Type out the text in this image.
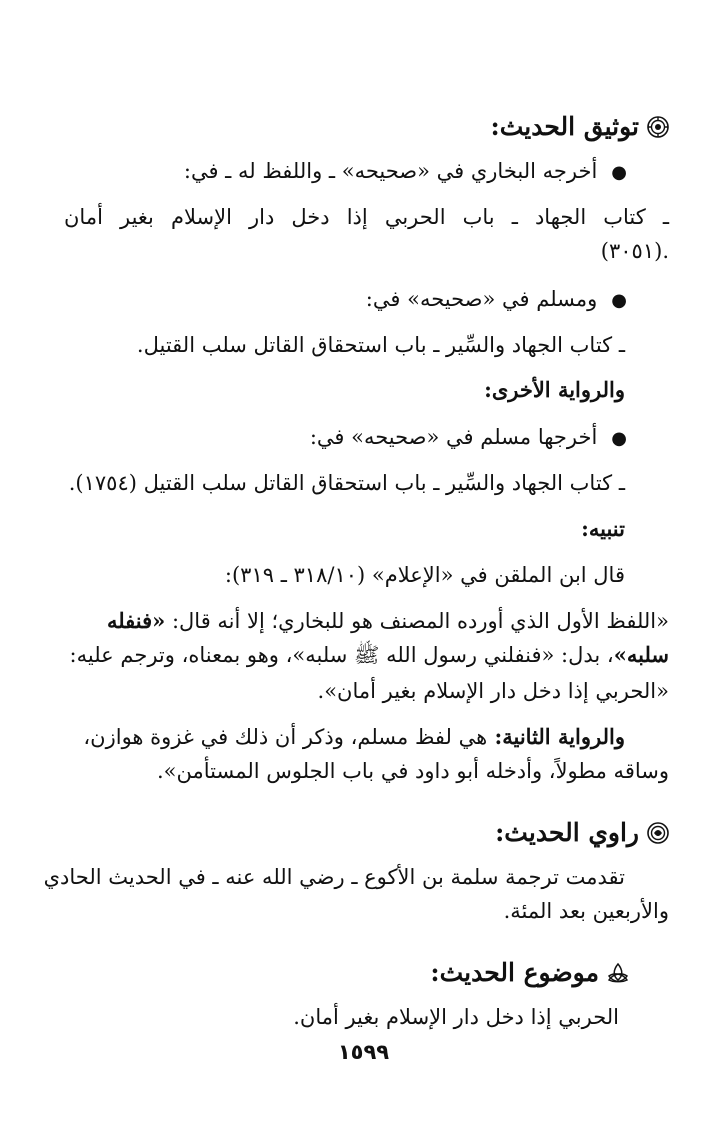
توثيق الحديث:
●أخرجه البخاري في «صحيحه» ـ واللفظ له ـ في:
ـ كتاب الجهاد ـ باب الحربي إذا دخل دار الإسلام بغير أمان
(٣٠٥١).
●ومسلم في «صحيحه» في:
ـ كتاب الجهاد والسِّير ـ باب استحقاق القاتل سلب القتيل.
والرواية الأخرى:
●أخرجها مسلم في «صحيحه» في:
ـ كتاب الجهاد والسِّير ـ باب استحقاق القاتل سلب القتيل (١٧٥٤).
تنبيه:
قال ابن الملقن في «الإعلام» (٣١٨/١٠ ـ ٣١٩):
«اللفظ الأول الذي أورده المصنف هو للبخاري؛ إلا أنه قال: «فنفله
سلبه»، بدل: «فنفلني رسول الله ﷺ سلبه»، وهو بمعناه، وترجم عليه:
«الحربي إذا دخل دار الإسلام بغير أمان».
والرواية الثانية: هي لفظ مسلم، وذكر أن ذلك في غزوة هوازن،
وساقه مطولاً، وأدخله أبو داود في باب الجلوس المستأمن».
راوي الحديث:
تقدمت ترجمة سلمة بن الأكوع ـ رضي الله عنه ـ في الحديث الحادي
والأربعين بعد المئة.
موضوع الحديث:
الحربي إذا دخل دار الإسلام بغير أمان.
١٥٩٩
